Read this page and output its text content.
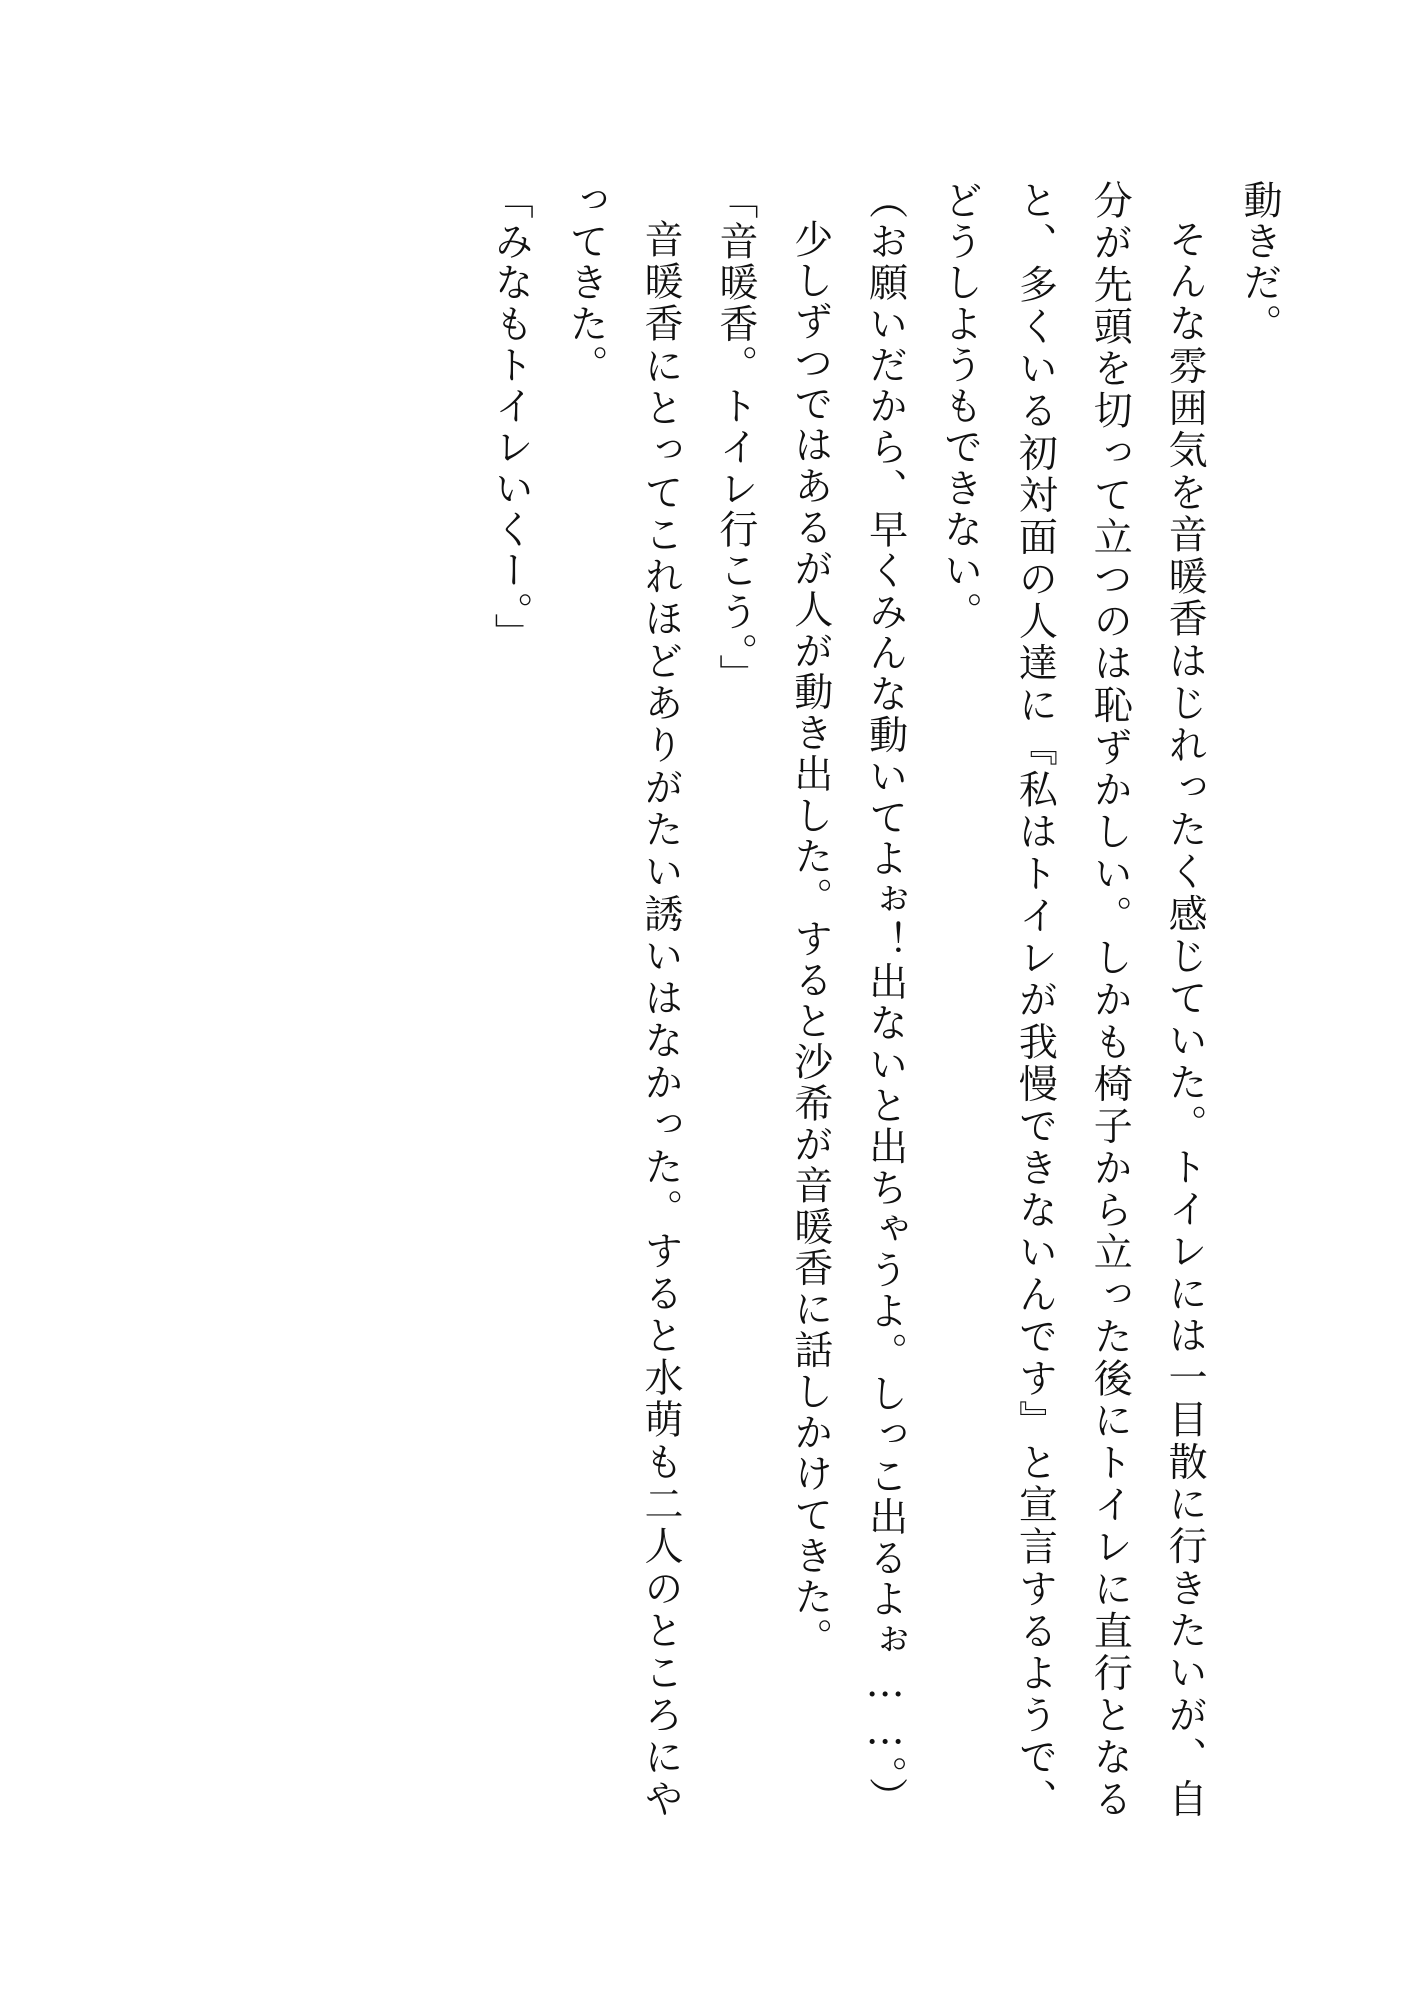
動きだ。

そんな雰囲気を音暖香はじれったく感じていた。トイレには一目散に行きたいが、自分が先頭を切って立つのは恥ずかしい。しかも椅子から立った後にトイレに直行となると、多くいる初対面の人達に『私はトイレが我慢できないんです』と宣言するようで、どうしようもできない。

（お願いだから、早くみんな動いてよぉ！出ないと出ちゃうよ。しっこ出るよぉ……。）

少しずつではあるが人が動き出した。すると沙希が音暖香に話しかけてきた。

「音暖香。トイレ行こう。」

音暖香にとってこれほどありがたい誘いはなかった。すると水萌も二人のところにやってきた。

「みなもトイレいくー。」
